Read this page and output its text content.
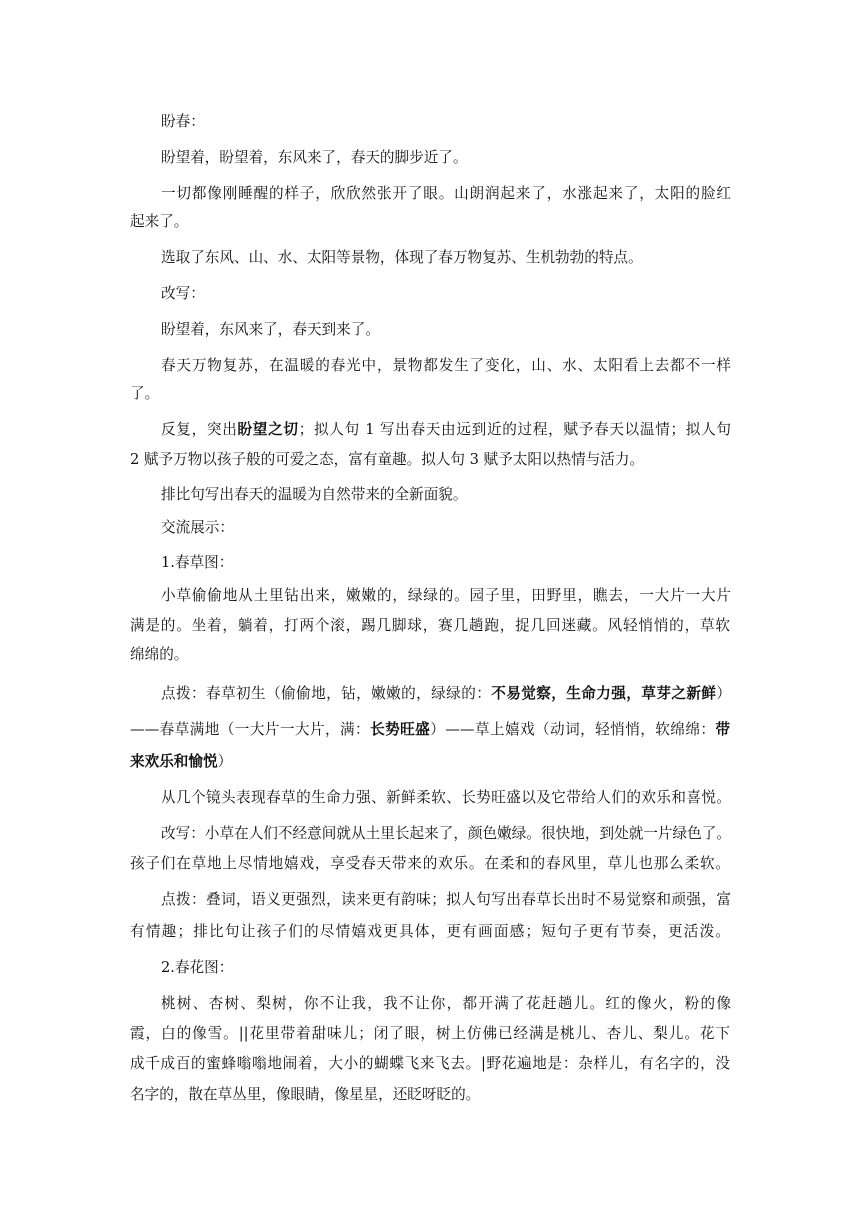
盼春：
盼望着，盼望着，东风来了，春天的脚步近了。
一切都像刚睡醒的样子，欣欣然张开了眼。山朗润起来了，水涨起来了，太阳的脸红
起来了。
选取了东风、山、水、太阳等景物，体现了春万物复苏、生机勃勃的特点。
改写：
盼望着，东风来了，春天到来了。
春天万物复苏，在温暖的春光中，景物都发生了变化，山、水、太阳看上去都不一样
了。
反复，突出盼望之切；拟人句 1 写出春天由远到近的过程，赋予春天以温情；拟人句
2 赋予万物以孩子般的可爱之态，富有童趣。拟人句 3 赋予太阳以热情与活力。
排比句写出春天的温暖为自然带来的全新面貌。
交流展示：
1.春草图：
小草偷偷地从土里钻出来，嫩嫩的，绿绿的。园子里，田野里，瞧去，一大片一大片
满是的。坐着，躺着，打两个滚，踢几脚球，赛几趟跑，捉几回迷藏。风轻悄悄的，草软
绵绵的。
点拨：春草初生（偷偷地，钻，嫩嫩的，绿绿的：不易觉察，生命力强，草芽之新鲜）
——春草满地（一大片一大片，满：长势旺盛）——草上嬉戏（动词，轻悄悄，软绵绵：带
来欢乐和愉悦）
从几个镜头表现春草的生命力强、新鲜柔软、长势旺盛以及它带给人们的欢乐和喜悦。
改写：小草在人们不经意间就从土里长起来了，颜色嫩绿。很快地，到处就一片绿色了。
孩子们在草地上尽情地嬉戏，享受春天带来的欢乐。在柔和的春风里，草儿也那么柔软。
点拨：叠词，语义更强烈，读来更有韵味；拟人句写出春草长出时不易觉察和顽强，富
有情趣；排比句让孩子们的尽情嬉戏更具体，更有画面感；短句子更有节奏，更活泼。
2.春花图：
桃树、杏树、梨树，你不让我，我不让你，都开满了花赶趟儿。红的像火，粉的像
霞，白的像雪。||花里带着甜味儿；闭了眼，树上仿佛已经满是桃儿、杏儿、梨儿。花下
成千成百的蜜蜂嗡嗡地闹着，大小的蝴蝶飞来飞去。|野花遍地是：杂样儿，有名字的，没
名字的，散在草丛里，像眼睛，像星星，还眨呀眨的。
